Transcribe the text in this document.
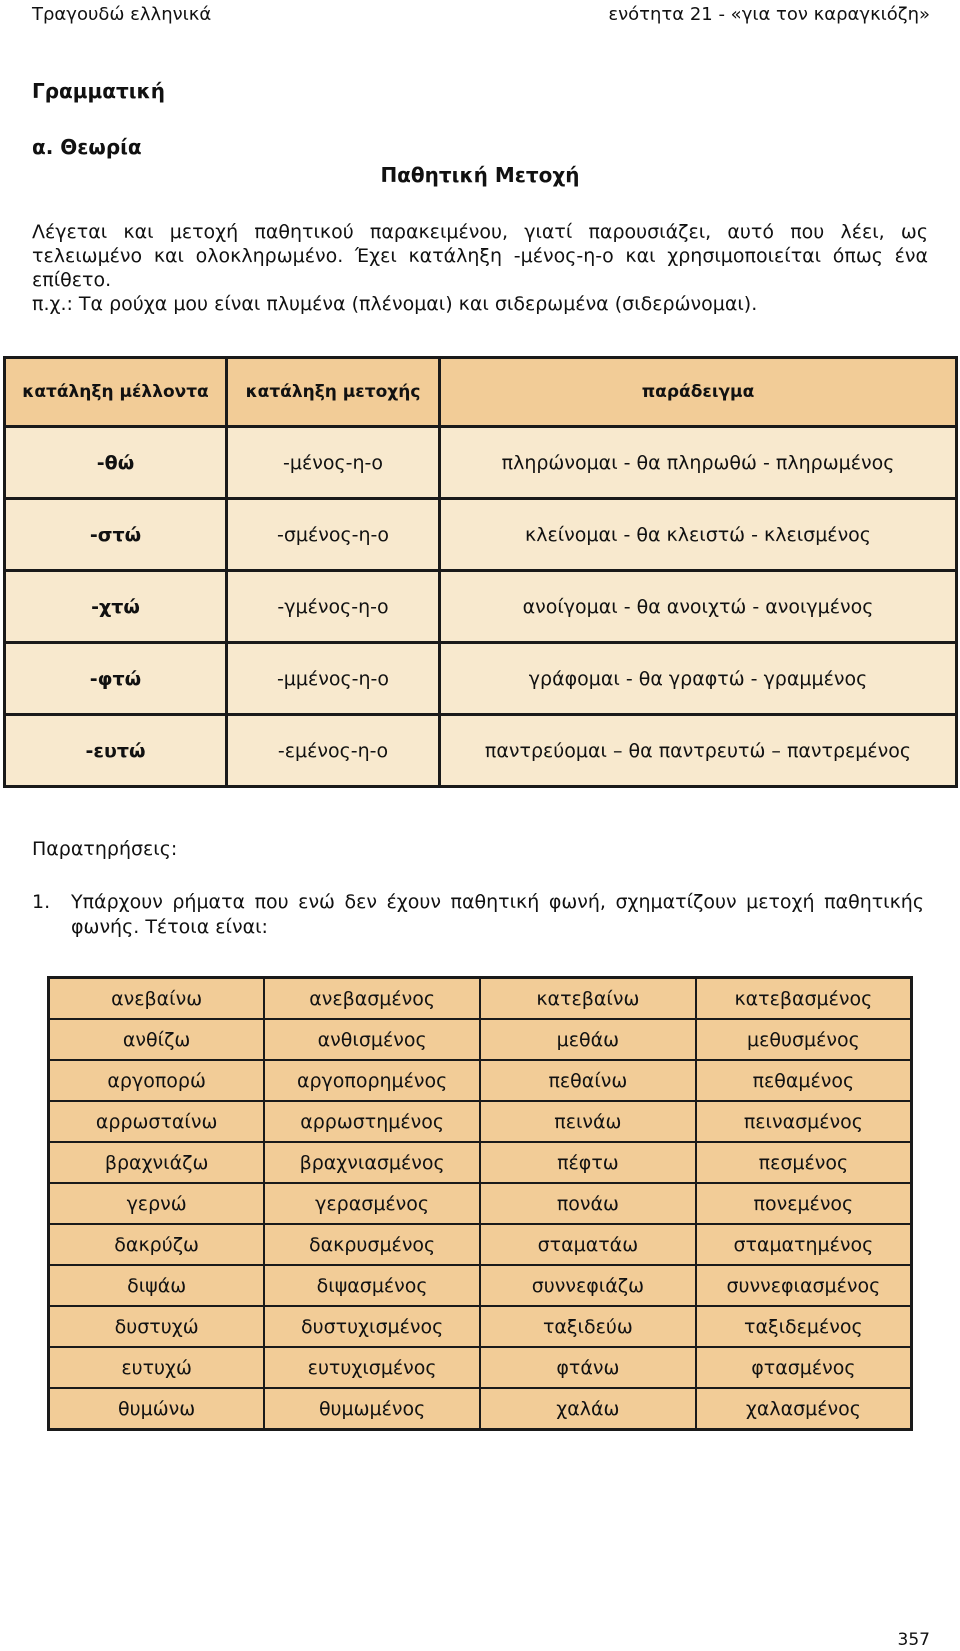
Τραγουδώ ελληνικά	ενότητα 21 - «για τον καραγκιόζη»
Γραμματική
α. Θεωρία
Παθητική Μετοχή

Λέγεται και μετοχή παθητικού παρακειμένου, γιατί παρουσιάζει, αυτό που λέει, ως τελειωμένο και ολοκληρωμένο. Έχει κατάληξη -μένος-η-ο και χρησιμοποιείται όπως ένα επίθετο.

π.χ.: Τα ρούχα μου είναι πλυμένα (πλένομαι) και σιδερωμένα (σιδερώνομαι).

κατάληξη μέλλοντα	κατάληξη μετοχής	παράδειγμα
-θώ	-μένος-η-ο	πληρώνομαι - θα πληρωθώ - πληρωμένος
-στώ	-σμένος-η-ο	κλείνομαι - θα κλειστώ - κλεισμένος
-χτώ	-γμένος-η-ο	ανοίγομαι - θα ανοιχτώ - ανοιγμένος
-φτώ	-μμένος-η-ο	γράφομαι - θα γραφτώ - γραμμένος
-ευτώ	-εμένος-η-ο	παντρεύομαι – θα παντρευτώ – παντρεμένος
Παρατηρήσεις:
1. Υπάρχουν ρήματα που ενώ δεν έχουν παθητική φωνή, σχηματίζουν μετοχή παθητικής φωνής. Τέτοια είναι:
ανεβαίνω	ανεβασμένος	κατεβαίνω	κατεβασμένος
ανθίζω	ανθισμένος	μεθάω	μεθυσμένος
αργοπορώ	αργοπορημένος	πεθαίνω	πεθαμένος
αρρωσταίνω	αρρωστημένος	πεινάω	πεινασμένος
βραχνιάζω	βραχνιασμένος	πέφτω	πεσμένος
γερνώ	γερασμένος	πονάω	πονεμένος
δακρύζω	δακρυσμένος	σταματάω	σταματημένος
διψάω	διψασμένος	συννεφιάζω	συννεφιασμένος
δυστυχώ	δυστυχισμένος	ταξιδεύω	ταξιδεμένος
ευτυχώ	ευτυχισμένος	φτάνω	φτασμένος
θυμώνω	θυμωμένος	χαλάω	χαλασμένος
357
